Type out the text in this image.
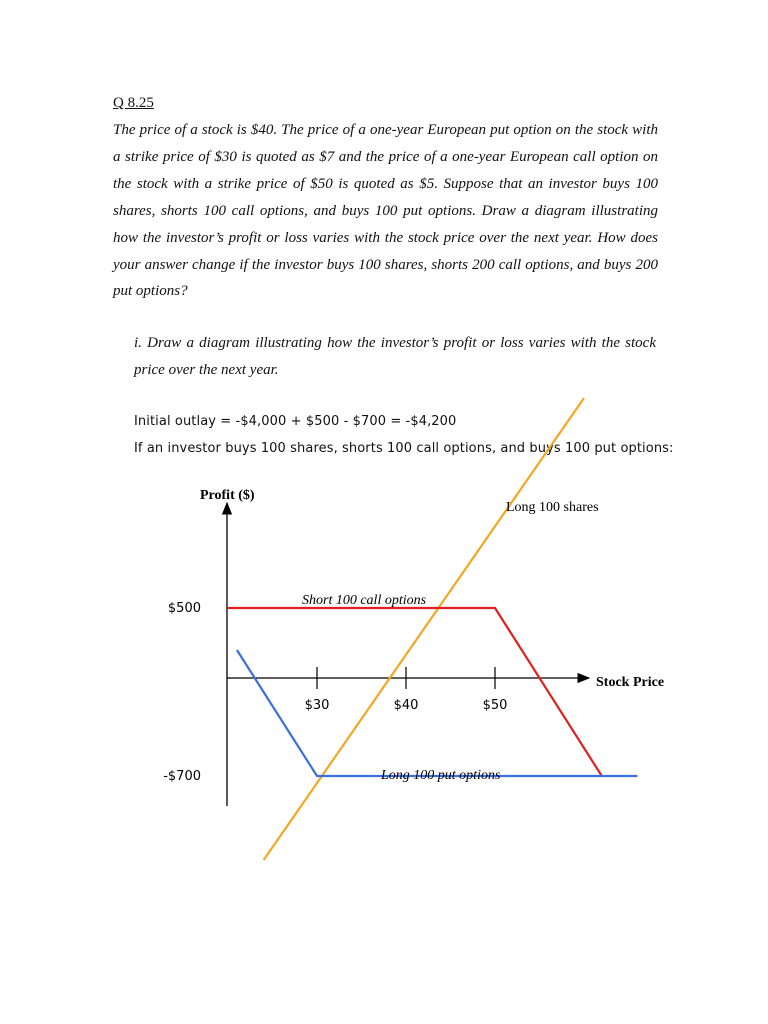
Q 8.25
The price of a stock is $40. The price of a one-year European put option on the stock with a strike price of $30 is quoted as $7 and the price of a one-year European call option on the stock with a strike price of $50 is quoted as $5. Suppose that an investor buys 100 shares, shorts 100 call options, and buys 100 put options. Draw a diagram illustrating how the investor’s profit or loss varies with the stock price over the next year. How does your answer change if the investor buys 100 shares, shorts 200 call options, and buys 200 put options?
i. Draw a diagram illustrating how the investor’s profit or loss varies with the stock price over the next year.
Initial outlay = -$4,000 + $500 - $700 = -$4,200
If an investor buys 100 shares, shorts 100 call options, and buys 100 put options:
Profit ($)
Stock Price
$30	$40	$50
$500
-$700
Long 100 shares
Short 100 call options
Long 100 put options
